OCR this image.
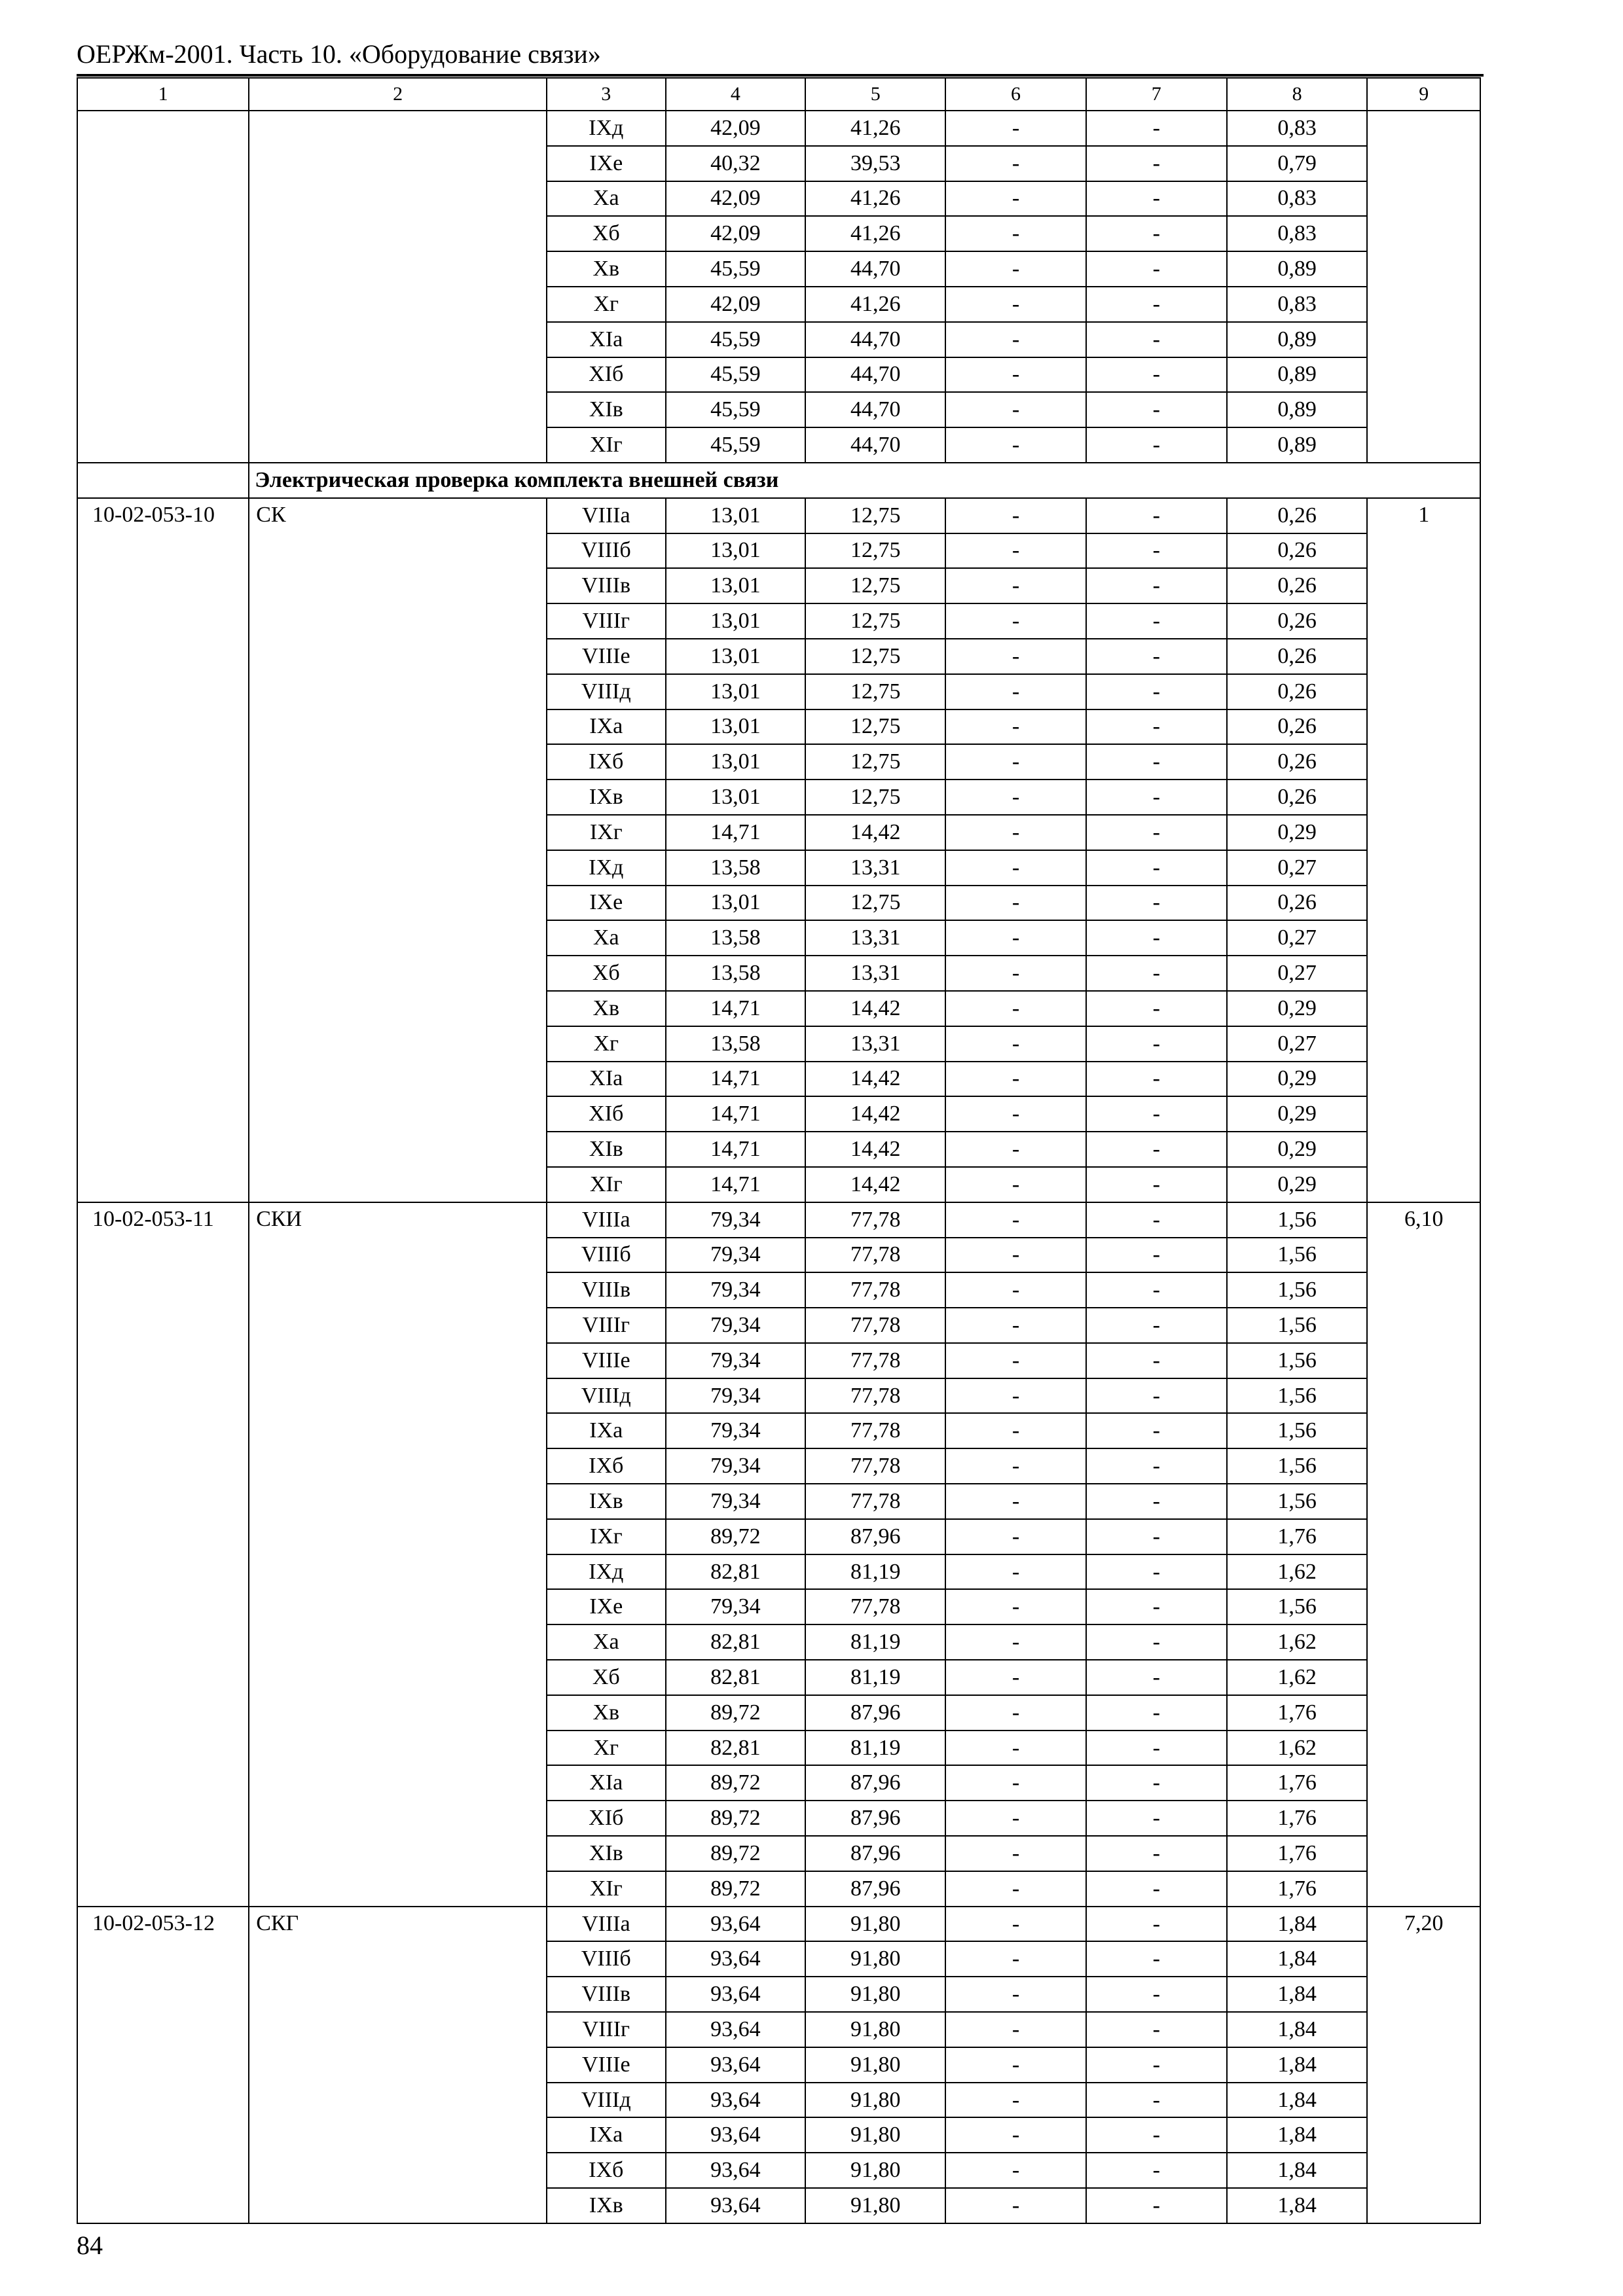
ОЕРЖм-2001. Часть 10. «Оборудование связи»
1	2	3	4	5	6	7	8	9
		IXд	42,09	41,26	-	-	0,83	
		IXе	40,32	39,53	-	-	0,79	
		Xа	42,09	41,26	-	-	0,83	
		Xб	42,09	41,26	-	-	0,83	
		Xв	45,59	44,70	-	-	0,89	
		Xг	42,09	41,26	-	-	0,83	
		XIа	45,59	44,70	-	-	0,89	
		XIб	45,59	44,70	-	-	0,89	
		XIв	45,59	44,70	-	-	0,89	
		XIг	45,59	44,70	-	-	0,89	
	Электрическая проверка комплекта внешней связи							
10-02-053-10	СК	VIIIа	13,01	12,75	-	-	0,26	1
		VIIIб	13,01	12,75	-	-	0,26	
		VIIIв	13,01	12,75	-	-	0,26	
		VIIIг	13,01	12,75	-	-	0,26	
		VIIIе	13,01	12,75	-	-	0,26	
		VIIIд	13,01	12,75	-	-	0,26	
		IXа	13,01	12,75	-	-	0,26	
		IXб	13,01	12,75	-	-	0,26	
		IXв	13,01	12,75	-	-	0,26	
		IXг	14,71	14,42	-	-	0,29	
		IXд	13,58	13,31	-	-	0,27	
		IXе	13,01	12,75	-	-	0,26	
		Xа	13,58	13,31	-	-	0,27	
		Xб	13,58	13,31	-	-	0,27	
		Xв	14,71	14,42	-	-	0,29	
		Xг	13,58	13,31	-	-	0,27	
		XIа	14,71	14,42	-	-	0,29	
		XIб	14,71	14,42	-	-	0,29	
		XIв	14,71	14,42	-	-	0,29	
		XIг	14,71	14,42	-	-	0,29	
10-02-053-11	СКИ	VIIIа	79,34	77,78	-	-	1,56	6,10
		VIIIб	79,34	77,78	-	-	1,56	
		VIIIв	79,34	77,78	-	-	1,56	
		VIIIг	79,34	77,78	-	-	1,56	
		VIIIе	79,34	77,78	-	-	1,56	
		VIIIд	79,34	77,78	-	-	1,56	
		IXа	79,34	77,78	-	-	1,56	
		IXб	79,34	77,78	-	-	1,56	
		IXв	79,34	77,78	-	-	1,56	
		IXг	89,72	87,96	-	-	1,76	
		IXд	82,81	81,19	-	-	1,62	
		IXе	79,34	77,78	-	-	1,56	
		Xа	82,81	81,19	-	-	1,62	
		Xб	82,81	81,19	-	-	1,62	
		Xв	89,72	87,96	-	-	1,76	
		Xг	82,81	81,19	-	-	1,62	
		XIа	89,72	87,96	-	-	1,76	
		XIб	89,72	87,96	-	-	1,76	
		XIв	89,72	87,96	-	-	1,76	
		XIг	89,72	87,96	-	-	1,76	
10-02-053-12	СКГ	VIIIа	93,64	91,80	-	-	1,84	7,20
		VIIIб	93,64	91,80	-	-	1,84	
		VIIIв	93,64	91,80	-	-	1,84	
		VIIIг	93,64	91,80	-	-	1,84	
		VIIIе	93,64	91,80	-	-	1,84	
		VIIIд	93,64	91,80	-	-	1,84	
		IXа	93,64	91,80	-	-	1,84	
		IXб	93,64	91,80	-	-	1,84	
		IXв	93,64	91,80	-	-	1,84	
84
